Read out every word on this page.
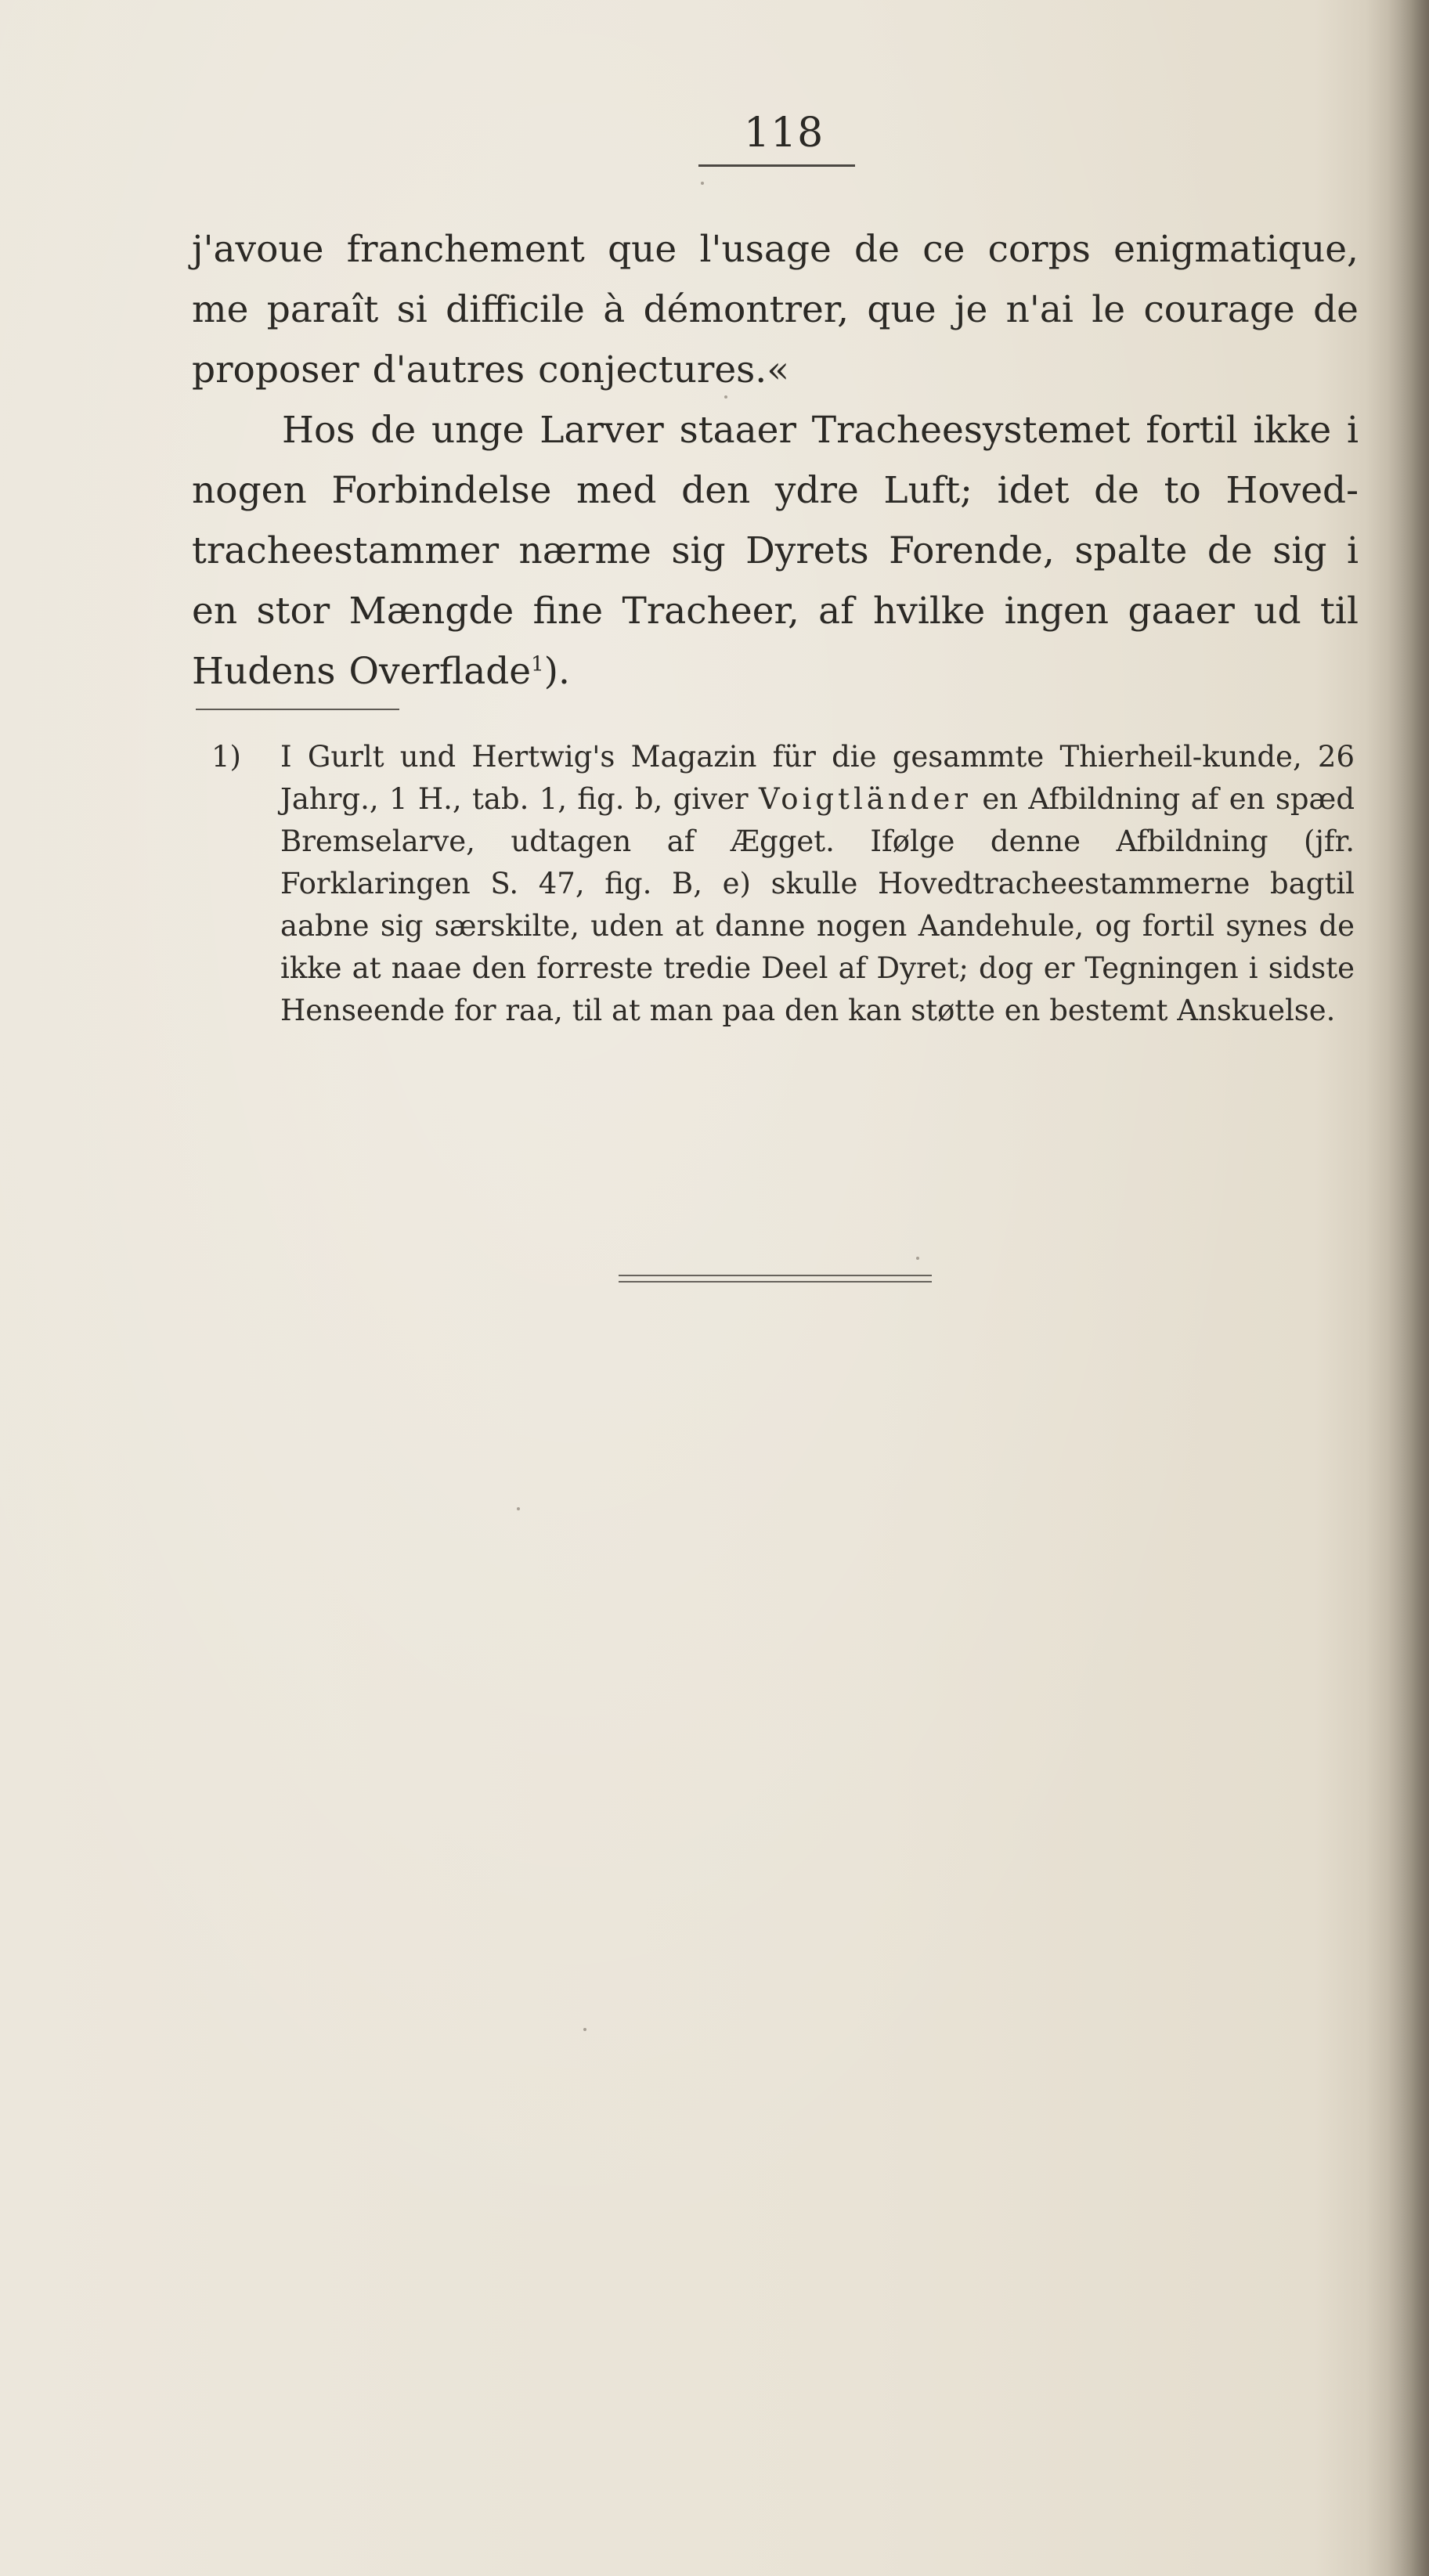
118

j'avoue franchement que l'usage de ce corps enigmatique, me paraît si difficile à démontrer, que je n'ai le courage de proposer d'autres conjectures.«

Hos de unge Larver staaer Tracheesystemet fortil ikke i nogen Forbindelse med den ydre Luft; idet de to Hoved-tracheestammer nærme sig Dyrets Forende, spalte de sig i en stor Mængde fine Tracheer, af hvilke ingen gaaer ud til Hudens Overflade$^1$).

1) I Gurlt und Hertwig's Magazin für die gesammte Thierheil-kunde, 26 Jahrg., 1 H., tab. 1, fig. b, giver Voigtländer en Afbildning af en spæd Bremselarve, udtagen af Ægget. Ifølge denne Afbildning (jfr. Forklaringen S. 47, fig. B, e) skulle Hovedtracheestammerne bagtil aabne sig særskilte, uden at danne nogen Aandehule, og fortil synes de ikke at naae den forreste tredie Deel af Dyret; dog er Tegningen i sidste Henseende for raa, til at man paa den kan støtte en bestemt Anskuelse.
